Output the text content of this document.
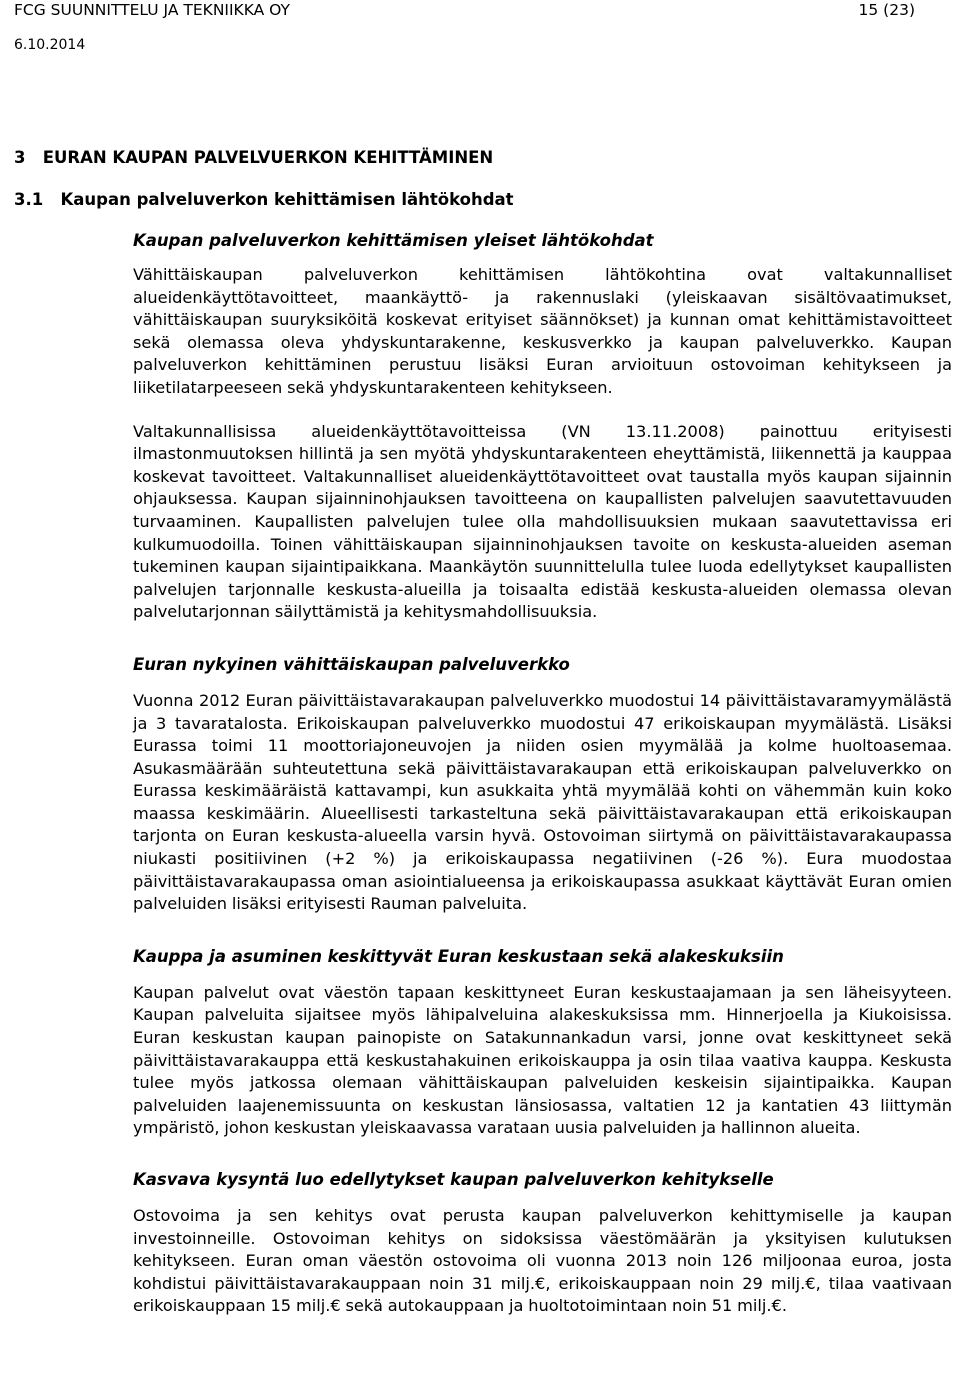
FCG SUUNNITTELU JA TEKNIIKKA OY	15 (23)
6.10.2014
3   EURAN KAUPAN PALVELVUERKON KEHITTÄMINEN
3.1   Kaupan palveluverkon kehittämisen lähtökohdat

Kaupan palveluverkon kehittämisen yleiset lähtökohdat

Vähittäiskaupan palveluverkon kehittämisen lähtökohtina ovat valtakunnalliset alueidenkäyttötavoitteet, maankäyttö- ja rakennuslaki (yleiskaavan sisältövaatimukset, vähittäiskaupan suuryksiköitä koskevat erityiset säännökset) ja kunnan omat kehittämistavoitteet sekä olemassa oleva yhdyskuntarakenne, keskusverkko ja kaupan palveluverkko. Kaupan palveluverkon kehittäminen perustuu lisäksi Euran arvioituun ostovoiman kehitykseen ja liiketilatarpeeseen sekä yhdyskuntarakenteen kehitykseen.

Valtakunnallisissa alueidenkäyttötavoitteissa (VN 13.11.2008) painottuu erityisesti ilmastonmuutoksen hillintä ja sen myötä yhdyskuntarakenteen eheyttämistä, liikennettä ja kauppaa koskevat tavoitteet. Valtakunnalliset alueidenkäyttötavoitteet ovat taustalla myös kaupan sijainnin ohjauksessa. Kaupan sijainninohjauksen tavoitteena on kaupallisten palvelujen saavutettavuuden turvaaminen. Kaupallisten palvelujen tulee olla mahdollisuuksien mukaan saavutettavissa eri kulkumuodoilla. Toinen vähittäiskaupan sijainninohjauksen tavoite on keskusta-alueiden aseman tukeminen kaupan sijaintipaikkana. Maankäytön suunnittelulla tulee luoda edellytykset kaupallisten palvelujen tarjonnalle keskusta-alueilla ja toisaalta edistää keskusta-alueiden olemassa olevan palvelutarjonnan säilyttämistä ja kehitysmahdollisuuksia.

Euran nykyinen vähittäiskaupan palveluverkko

Vuonna 2012 Euran päivittäistavarakaupan palveluverkko muodostui 14 päivittäistavaramyymälästä ja 3 tavaratalosta. Erikoiskaupan palveluverkko muodostui 47 erikoiskaupan myymälästä. Lisäksi Eurassa toimi 11 moottoriajoneuvojen ja niiden osien myymälää ja kolme huoltoasemaa. Asukasmäärään suhteutettuna sekä päivittäistavarakaupan että erikoiskaupan palveluverkko on Eurassa keskimääräistä kattavampi, kun asukkaita yhtä myymälää kohti on vähemmän kuin koko maassa keskimäärin. Alueellisesti tarkasteltuna sekä päivittäistavarakaupan että erikoiskaupan tarjonta on Euran keskusta-alueella varsin hyvä. Ostovoiman siirtymä on päivittäistavarakaupassa niukasti positiivinen (+2 %) ja erikoiskaupassa negatiivinen (-26 %). Eura muodostaa päivittäistavarakaupassa oman asiointialueensa ja erikoiskaupassa asukkaat käyttävät Euran omien palveluiden lisäksi erityisesti Rauman palveluita.

Kauppa ja asuminen keskittyvät Euran keskustaan sekä alakeskuksiin

Kaupan palvelut ovat väestön tapaan keskittyneet Euran keskustaajamaan ja sen läheisyyteen. Kaupan palveluita sijaitsee myös lähipalveluina alakeskuksissa mm. Hinnerjoella ja Kiukoisissa. Euran keskustan kaupan painopiste on Satakunnankadun varsi, jonne ovat keskittyneet sekä päivittäistavarakauppa että keskustahakuinen erikoiskauppa ja osin tilaa vaativa kauppa. Keskusta tulee myös jatkossa olemaan vähittäiskaupan palveluiden keskeisin sijaintipaikka. Kaupan palveluiden laajenemissuunta on keskustan länsiosassa, valtatien 12 ja kantatien 43 liittymän ympäristö, johon keskustan yleiskaavassa varataan uusia palveluiden ja hallinnon alueita.

Kasvava kysyntä luo edellytykset kaupan palveluverkon kehitykselle

Ostovoima ja sen kehitys ovat perusta kaupan palveluverkon kehittymiselle ja kaupan investoinneille. Ostovoiman kehitys on sidoksissa väestömäärän ja yksityisen kulutuksen kehitykseen. Euran oman väestön ostovoima oli vuonna 2013 noin 126 miljoonaa euroa, josta kohdistui päivittäistavarakauppaan noin 31 milj.€, erikoiskauppaan noin 29 milj.€, tilaa vaativaan erikoiskauppaan 15 milj.€ sekä autokauppaan ja huoltotoimintaan noin 51 milj.€.
